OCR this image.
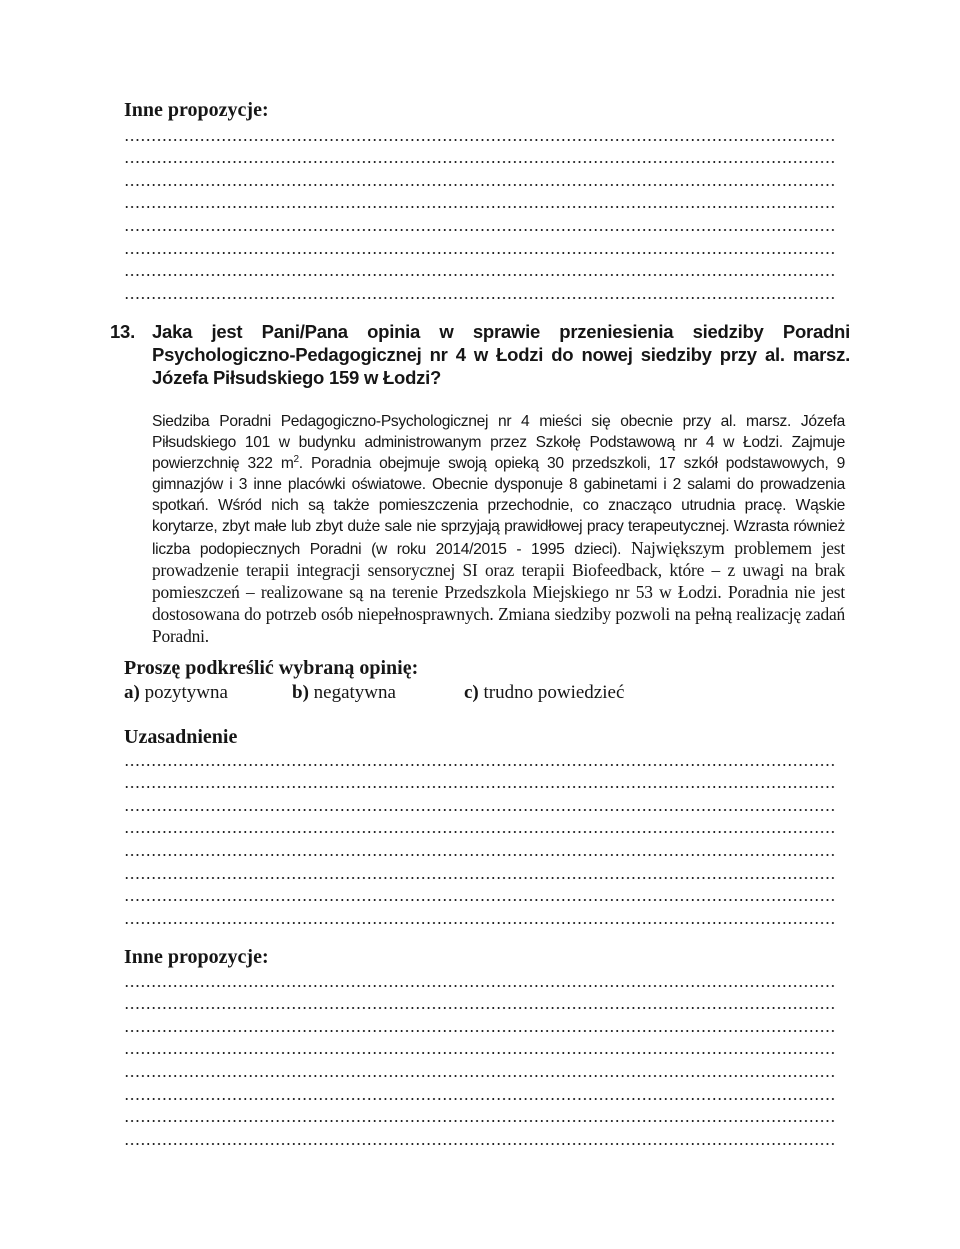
Inne propozycje:
13. Jaka jest Pani/Pana opinia w sprawie przeniesienia siedziby Poradni Psychologiczno-Pedagogicznej nr 4 w Łodzi do nowej siedziby przy al. marsz. Józefa Piłsudskiego 159 w Łodzi?

Siedziba Poradni Pedagogiczno-Psychologicznej nr 4 mieści się obecnie przy al. marsz. Józefa Piłsudskiego 101 w budynku administrowanym przez Szkołę Podstawową nr 4 w Łodzi. Zajmuje powierzchnię 322 $m^2$. Poradnia obejmuje swoją opieką 30 przedszkoli, 17 szkół podstawowych, 9 gimnazjów i 3 inne placówki oświatowe. Obecnie dysponuje 8 gabinetami i 2 salami do prowadzenia spotkań. Wśród nich są także pomieszczenia przechodnie, co znacząco utrudnia pracę. Wąskie korytarze, zbyt małe lub zbyt duże sale nie sprzyjają prawidłowej pracy terapeutycznej. Wzrasta również liczba podopiecznych Poradni (w roku 2014/2015 - 1995 dzieci). Największym problemem jest prowadzenie terapii integracji sensorycznej SI oraz terapii Biofeedback, które – z uwagi na brak pomieszczeń – realizowane są na terenie Przedszkola Miejskiego nr 53 w Łodzi. Poradnia nie jest dostosowana do potrzeb osób niepełnosprawnych. Zmiana siedziby pozwoli na pełną realizację zadań Poradni.

Proszę podkreślić wybraną opinię:
a) pozytywna	b) negatywna	c) trudno powiedzieć
Uzasadnienie
Inne propozycje:
